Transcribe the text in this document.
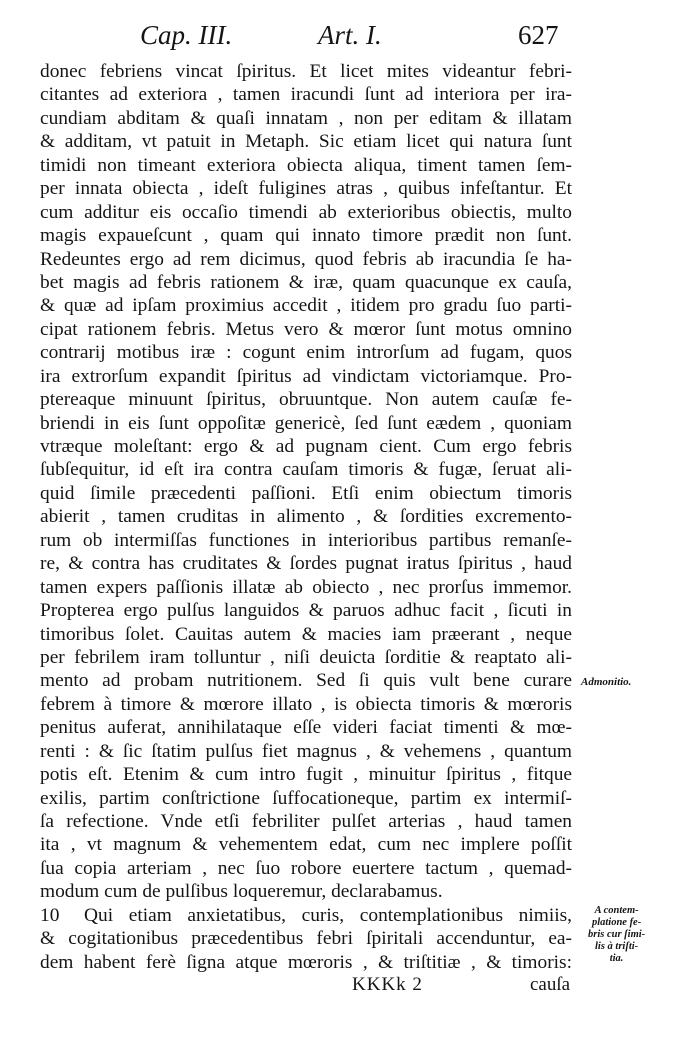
Cap. III.	Art. I.	627
donec febriens vincat ſpiritus. Et licet mites videantur febri-
citantes ad exteriora , tamen iracundi ſunt ad interiora per ira-
cundiam abditam & quaſi innatam , non per editam & illatam
& additam, vt patuit in Metaph. Sic etiam licet qui natura ſunt
timidi non timeant exteriora obiecta aliqua, timent tamen ſem-
per innata obiecta , ideſt fuligines atras , quibus infeſtantur. Et
cum additur eis occaſio timendi ab exterioribus obiectis, multo
magis expaueſcunt , quam qui innato timore prædit non ſunt.
Redeuntes ergo ad rem dicimus, quod febris ab iracundia ſe ha-
bet magis ad febris rationem & iræ, quam quacunque ex cauſa,
& quæ ad ipſam proximius accedit , itidem pro gradu ſuo parti-
cipat rationem febris. Metus vero & mœror ſunt motus omnino
contrarij motibus iræ : cogunt enim introrſum ad fugam, quos
ira extrorſum expandit ſpiritus ad vindictam victoriamque. Pro-
ptereaque minuunt ſpiritus, obruuntque. Non autem cauſæ fe-
briendi in eis ſunt oppoſitæ genericè, ſed ſunt eædem , quoniam
vtræque moleſtant: ergo & ad pugnam cient. Cum ergo febris
ſubſequitur, id eſt ira contra cauſam timoris & fugæ, ſeruat ali-
quid ſimile præcedenti paſſioni. Etſi enim obiectum timoris
abierit , tamen cruditas in alimento , & ſordities excremento-
rum ob intermiſſas functiones in interioribus partibus remanſe-
re, & contra has cruditates & ſordes pugnat iratus ſpiritus , haud
tamen expers paſſionis illatæ ab obiecto , nec prorſus immemor.
Propterea ergo pulſus languidos & paruos adhuc facit , ſicuti in
timoribus ſolet. Cauitas autem & macies iam præerant , neque
per febrilem iram tolluntur , niſi deuicta ſorditie & reaptato ali-
mento ad probam nutritionem. Sed ſi quis vult bene curare
febrem à timore & mœrore illato , is obiecta timoris & mœroris
penitus auferat, annihilataque eſſe videri faciat timenti & mœ-
renti : & ſic ſtatim pulſus fiet magnus , & vehemens , quantum
potis eſt. Etenim & cum intro fugit , minuitur ſpiritus , fitque
exilis, partim conſtrictione ſuffocationeque, partim ex intermiſ-
ſa refectione. Vnde etſi febriliter pulſet arterias , haud tamen
ita , vt magnum & vehementem edat, cum nec implere poſſit
ſua copia arteriam , nec ſuo robore euertere tactum , quemad-
modum cum de pulſibus loqueremur, declarabamus.
10 Qui etiam anxietatibus, curis, contemplationibus nimiis,
& cogitationibus præcedentibus febri ſpiritali accenduntur, ea-
dem habent ferè ſigna atque mœroris , & triſtitiæ , & timoris:
Admonitio.
A contem-
platione fe-
bris cur ſimi-
lis à triſti-
tia.
KKKk 2	cauſa
